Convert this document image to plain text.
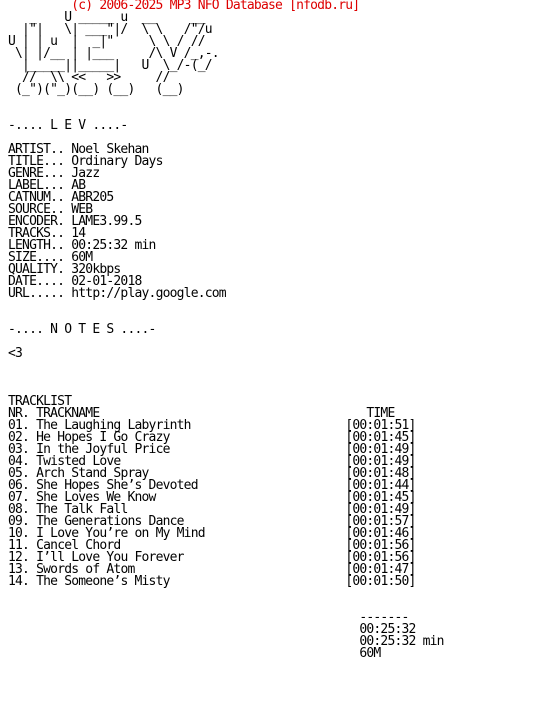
(c) 2006-2025 MP3 NFO Database [nfodb.ru]
_    U _____ u  __     __
|"|   \| ___"|/  \ \   /"/u
U | | u  |  _|"     \ \ / //
\| |/__ | |___     /\ V /_,-.
|_____||_____|   U  \_/-(_/
//  \\ <<   >>     //
(_")("_)(__) (__)   (__)
-.... L E V ....-
ARTIST.. Noel Skehan
TITLE... Ordinary Days
GENRE... Jazz
LABEL... AB
CATNUM.. ABR205
SOURCE.. WEB
ENCODER. LAME3.99.5
TRACKS.. 14
LENGTH.. 00:25:32 min
SIZE.... 60M
QUALITY. 320kbps
DATE.... 02-01-2018
URL..... http://play.google.com
-.... N O T E S ....-
<3
TRACKLIST
NR. TRACKNAME	TIME
01. The Laughing Labyrinth	[00:01:51]
02. He Hopes I Go Crazy	[00:01:45]
03. In the Joyful Price	[00:01:49]
04. Twisted Love	[00:01:49]
05. Arch Stand Spray	[00:01:48]
06. She Hopes She’s Devoted	[00:01:44]
07. She Loves We Know	[00:01:45]
08. The Talk Fall	[00:01:49]
09. The Generations Dance	[00:01:57]
10. I Love You’re on My Mind	[00:01:46]
11. Cancel Chord	[00:01:56]
12. I’ll Love You Forever	[00:01:56]
13. Swords of Atom	[00:01:47]
14. The Someone’s Misty	[00:01:50]
-------
00:25:32
00:25:32 min
60M
